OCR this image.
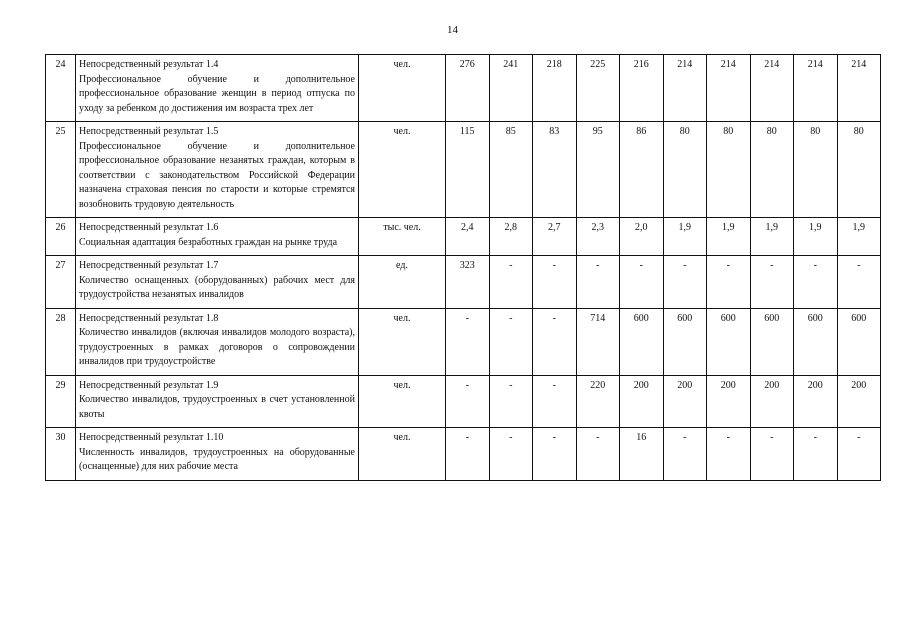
14
24	Непосредственный результат 1.4
Профессиональное обучение и дополнительное профессиональное образование женщин в период отпуска по уходу за ребенком до достижения им возраста трех лет	чел.	276	241	218	225	216	214	214	214	214	214
25	Непосредственный результат 1.5
Профессиональное обучение и дополнительное профессиональное образование незанятых граждан, которым в соответствии с законодательством Российской Федерации назначена страховая пенсия по старости и которые стремятся возобновить трудовую деятельность	чел.	115	85	83	95	86	80	80	80	80	80
26	Непосредственный результат 1.6
Социальная адаптация безработных граждан на рынке труда	тыс. чел.	2,4	2,8	2,7	2,3	2,0	1,9	1,9	1,9	1,9	1,9
27	Непосредственный результат 1.7
Количество оснащенных (оборудованных) рабочих мест для трудоустройства незанятых инвалидов	ед.	323	-	-	-	-	-	-	-	-	-
28	Непосредственный результат 1.8
Количество инвалидов (включая инвалидов молодого возраста), трудоустроенных в рамках договоров о сопровождении инвалидов при трудоустройстве	чел.	-	-	-	714	600	600	600	600	600	600
29	Непосредственный результат 1.9
Количество инвалидов, трудоустроенных в счет установленной квоты	чел.	-	-	-	220	200	200	200	200	200	200
30	Непосредственный результат 1.10
Численность инвалидов, трудоустроенных на оборудованные (оснащенные) для них рабочие места	чел.	-	-	-	-	16	-	-	-	-	-
